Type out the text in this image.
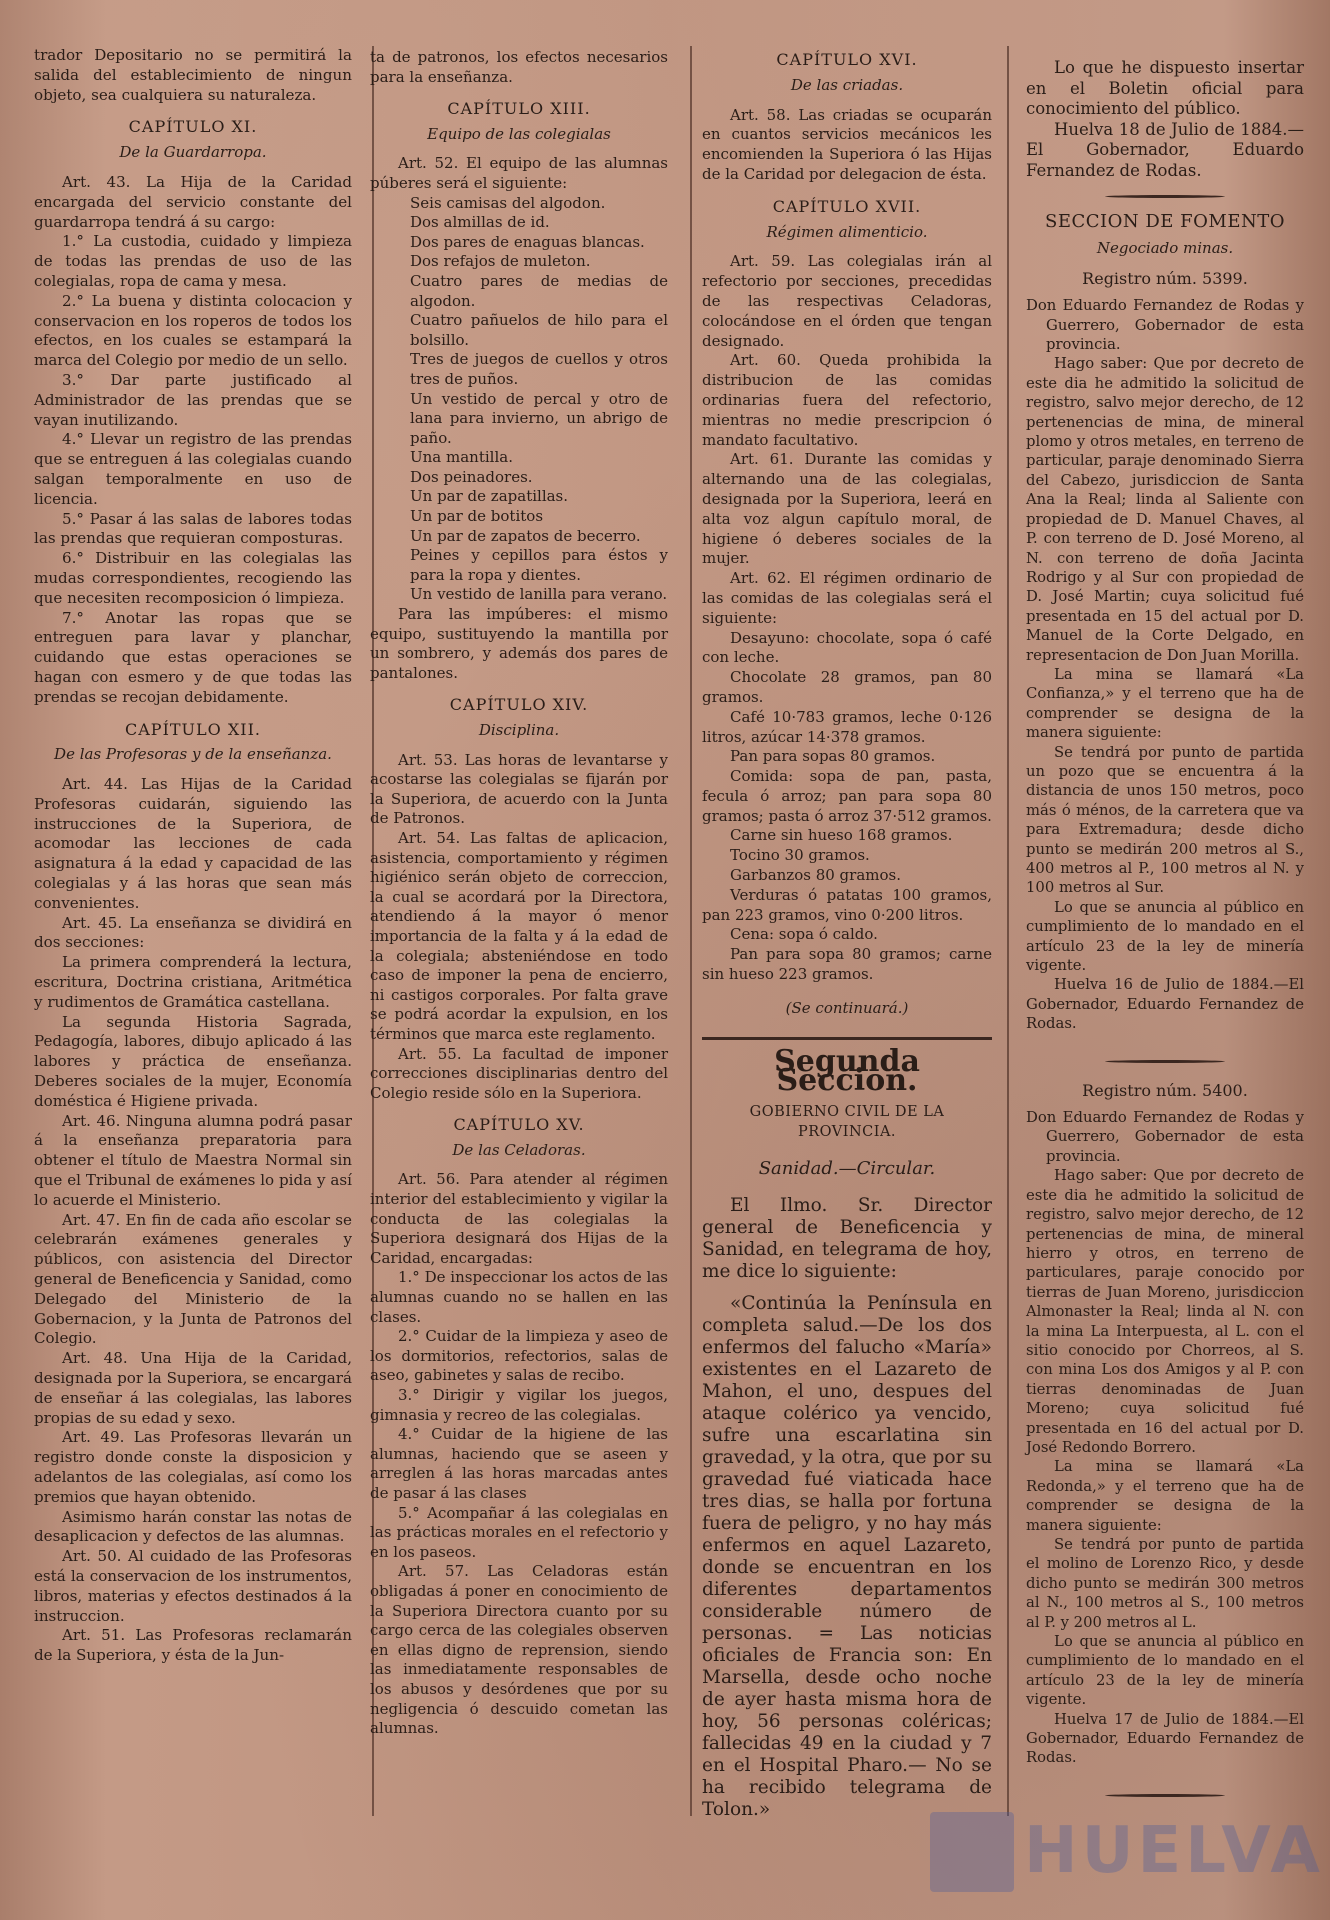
trador Depositario no se permitirá la salida del establecimiento de ningun objeto, sea cualquiera su naturaleza.

CAPÍTULO XI.
De la Guardarropa.

Art. 43. La Hija de la Caridad encargada del servicio constante del guardarropa tendrá á su cargo:

1.° La custodia, cuidado y limpieza de todas las prendas de uso de las colegialas, ropa de cama y mesa.

2.° La buena y distinta colocacion y conservacion en los roperos de todos los efectos, en los cuales se estampará la marca del Colegio por medio de un sello.

3.° Dar parte justificado al Administrador de las prendas que se vayan inutilizando.

4.° Llevar un registro de las prendas que se entreguen á las colegialas cuando salgan temporalmente en uso de licencia.

5.° Pasar á las salas de labores todas las prendas que requieran composturas.

6.° Distribuir en las colegialas las mudas correspondientes, recogiendo las que necesiten recomposicion ó limpieza.

7.° Anotar las ropas que se entreguen para lavar y planchar, cuidando que estas operaciones se hagan con esmero y de que todas las prendas se recojan debidamente.

CAPÍTULO XII.
De las Profesoras y de la enseñanza.

Art. 44. Las Hijas de la Caridad Profesoras cuidarán, siguiendo las instrucciones de la Superiora, de acomodar las lecciones de cada asignatura á la edad y capacidad de las colegialas y á las horas que sean más convenientes.

Art. 45. La enseñanza se dividirá en dos secciones:

La primera comprenderá la lectura, escritura, Doctrina cristiana, Aritmética y rudimentos de Gramática castellana.

La segunda Historia Sagrada, Pedagogía, labores, dibujo aplicado á las labores y práctica de enseñanza. Deberes sociales de la mujer, Economía doméstica é Higiene privada.

Art. 46. Ninguna alumna podrá pasar á la enseñanza preparatoria para obtener el título de Maestra Normal sin que el Tribunal de exámenes lo pida y así lo acuerde el Ministerio.

Art. 47. En fin de cada año escolar se celebrarán exámenes generales y públicos, con asistencia del Director general de Beneficencia y Sanidad, como Delegado del Ministerio de la Gobernacion, y la Junta de Patronos del Colegio.

Art. 48. Una Hija de la Caridad, designada por la Superiora, se encargará de enseñar á las colegialas, las labores propias de su edad y sexo.

Art. 49. Las Profesoras llevarán un registro donde conste la disposicion y adelantos de las colegialas, así como los premios que hayan obtenido.

Asimismo harán constar las notas de desaplicacion y defectos de las alumnas.

Art. 50. Al cuidado de las Profesoras está la conservacion de los instrumentos, libros, materias y efectos destinados á la instruccion.

Art. 51. Las Profesoras reclamarán de la Superiora, y ésta de la Jun-

ta de patronos, los efectos necesarios para la enseñanza.

CAPÍTULO XIII.
Equipo de las colegialas

Art. 52. El equipo de las alumnas púberes será el siguiente:

Seis camisas del algodon.

Dos almillas de id.

Dos pares de enaguas blancas.

Dos refajos de muleton.

Cuatro pares de medias de algodon.

Cuatro pañuelos de hilo para el bolsillo.

Tres de juegos de cuellos y otros tres de puños.

Un vestido de percal y otro de lana para invierno, un abrigo de paño.

Una mantilla.

Dos peinadores.

Un par de zapatillas.

Un par de botitos

Un par de zapatos de becerro.

Peines y cepillos para éstos y para la ropa y dientes.

Un vestido de lanilla para verano.

Para las impúberes: el mismo equipo, sustituyendo la mantilla por un sombrero, y además dos pares de pantalones.

CAPÍTULO XIV.
Disciplina.

Art. 53. Las horas de levantarse y acostarse las colegialas se fijarán por la Superiora, de acuerdo con la Junta de Patronos.

Art. 54. Las faltas de aplicacion, asistencia, comportamiento y régimen higiénico serán objeto de correccion, la cual se acordará por la Directora, atendiendo á la mayor ó menor importancia de la falta y á la edad de la colegiala; absteniéndose en todo caso de imponer la pena de encierro, ni castigos corporales. Por falta grave se podrá acordar la expulsion, en los términos que marca este reglamento.

Art. 55. La facultad de imponer correcciones disciplinarias dentro del Colegio reside sólo en la Superiora.

CAPÍTULO XV.
De las Celadoras.

Art. 56. Para atender al régimen interior del establecimiento y vigilar la conducta de las colegialas la Superiora designará dos Hijas de la Caridad, encargadas:

1.° De inspeccionar los actos de las alumnas cuando no se hallen en las clases.

2.° Cuidar de la limpieza y aseo de los dormitorios, refectorios, salas de aseo, gabinetes y salas de recibo.

3.° Dirigir y vigilar los juegos, gimnasia y recreo de las colegialas.

4.° Cuidar de la higiene de las alumnas, haciendo que se aseen y arreglen á las horas marcadas antes de pasar á las clases

5.° Acompañar á las colegialas en las prácticas morales en el refectorio y en los paseos.

Art. 57. Las Celadoras están obligadas á poner en conocimiento de la Superiora Directora cuanto por su cargo cerca de las colegiales observen en ellas digno de reprension, siendo las inmediatamente responsables de los abusos y desórdenes que por su negligencia ó descuido cometan las alumnas.

CAPÍTULO XVI.
De las criadas.

Art. 58. Las criadas se ocuparán en cuantos servicios mecánicos les encomienden la Superiora ó las Hijas de la Caridad por delegacion de ésta.

CAPÍTULO XVII.
Régimen alimenticio.

Art. 59. Las colegialas irán al refectorio por secciones, precedidas de las respectivas Celadoras, colocándose en el órden que tengan designado.

Art. 60. Queda prohibida la distribucion de las comidas ordinarias fuera del refectorio, mientras no medie prescripcion ó mandato facultativo.

Art. 61. Durante las comidas y alternando una de las colegialas, designada por la Superiora, leerá en alta voz algun capítulo moral, de higiene ó deberes sociales de la mujer.

Art. 62. El régimen ordinario de las comidas de las colegialas será el siguiente:

Desayuno: chocolate, sopa ó café con leche.

Chocolate 28 gramos, pan 80 gramos.

Café 10·783 gramos, leche 0·126 litros, azúcar 14·378 gramos.

Pan para sopas 80 gramos.

Comida: sopa de pan, pasta, fecula ó arroz; pan para sopa 80 gramos; pasta ó arroz 37·512 gramos.

Carne sin hueso 168 gramos.

Tocino 30 gramos.

Garbanzos 80 gramos.

Verduras ó patatas 100 gramos, pan 223 gramos, vino 0·200 litros.

Cena: sopa ó caldo.

Pan para sopa 80 gramos; carne sin hueso 223 gramos.

(Se continuará.)
Segunda Seccion.
GOBIERNO CIVIL DE LA PROVINCIA.
Sanidad.—Circular.

El Ilmo. Sr. Director general de Beneficencia y Sanidad, en telegrama de hoy, me dice lo siguiente:

«Continúa la Península en completa salud.—De los dos enfermos del falucho «María» existentes en el Lazareto de Mahon, el uno, despues del ataque colérico ya vencido, sufre una escarlatina sin gravedad, y la otra, que por su gravedad fué viaticada hace tres dias, se halla por fortuna fuera de peligro, y no hay más enfermos en aquel Lazareto, donde se encuentran en los diferentes departamentos considerable número de personas. = Las noticias oficiales de Francia son: En Marsella, desde ocho noche de ayer hasta misma hora de hoy, 56 personas coléricas; fallecidas 49 en la ciudad y 7 en el Hospital Pharo.— No se ha recibido telegrama de Tolon.»

Lo que he dispuesto insertar en el Boletin oficial para conocimiento del público.

Huelva 18 de Julio de 1884.— El Gobernador, Eduardo Fernandez de Rodas.

SECCION DE FOMENTO
Negociado minas.
Registro núm. 5399.

Don Eduardo Fernandez de Rodas y Guerrero, Gobernador de esta provincia.

Hago saber: Que por decreto de este dia he admitido la solicitud de registro, salvo mejor derecho, de 12 pertenencias de mina, de mineral plomo y otros metales, en terreno de particular, paraje denominado Sierra del Cabezo, jurisdiccion de Santa Ana la Real; linda al Saliente con propiedad de D. Manuel Chaves, al P. con terreno de D. José Moreno, al N. con terreno de doña Jacinta Rodrigo y al Sur con propiedad de D. José Martin; cuya solicitud fué presentada en 15 del actual por D. Manuel de la Corte Delgado, en representacion de Don Juan Morilla.

La mina se llamará «La Confianza,» y el terreno que ha de comprender se designa de la manera siguiente:

Se tendrá por punto de partida un pozo que se encuentra á la distancia de unos 150 metros, poco más ó ménos, de la carretera que va para Extremadura; desde dicho punto se medirán 200 metros al S., 400 metros al P., 100 metros al N. y 100 metros al Sur.

Lo que se anuncia al público en cumplimiento de lo mandado en el artículo 23 de la ley de minería vigente.

Huelva 16 de Julio de 1884.—El Gobernador, Eduardo Fernandez de Rodas.

Registro núm. 5400.

Don Eduardo Fernandez de Rodas y Guerrero, Gobernador de esta provincia.

Hago saber: Que por decreto de este dia he admitido la solicitud de registro, salvo mejor derecho, de 12 pertenencias de mina, de mineral hierro y otros, en terreno de particulares, paraje conocido por tierras de Juan Moreno, jurisdiccion Almonaster la Real; linda al N. con la mina La Interpuesta, al L. con el sitio conocido por Chorreos, al S. con mina Los dos Amigos y al P. con tierras denominadas de Juan Moreno; cuya solicitud fué presentada en 16 del actual por D. José Redondo Borrero.

La mina se llamará «La Redonda,» y el terreno que ha de comprender se designa de la manera siguiente:

Se tendrá por punto de partida el molino de Lorenzo Rico, y desde dicho punto se medirán 300 metros al N., 100 metros al S., 100 metros al P. y 200 metros al L.

Lo que se anuncia al público en cumplimiento de lo mandado en el artículo 23 de la ley de minería vigente.

Huelva 17 de Julio de 1884.—El Gobernador, Eduardo Fernandez de Rodas.

HUELVA
